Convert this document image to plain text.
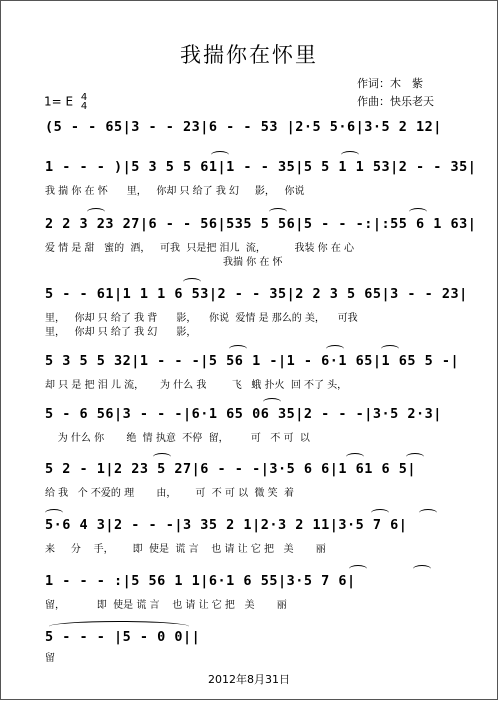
我揣你在怀里
作词：木　紫
作曲：快乐老天
1= E 4
4
(5 - - 65|3 - - 23|6 - - 53 |2·5 5·6|3·5 2 12|
1 - - - )|5 3 5 5 61|1 - - 35|5 5 1 1 53|2 - - 35|
我 揣 你 在 怀      里，   你却 只 给了 我 幻     影，   你说
2 2 3 23 27|6 - - 56|535 5 56|5 - - -:|:55 6 1 63|
爱 情 是 甜   蜜的  酒，   可我  只是把 泪儿  流，         我装 你 在 心
我揣 你 在 怀
5 - - 61|1 1 1 6 53|2 - - 35|2 2 3 5 65|3 - - 23|
里，   你却 只 给了 我 背      影，    你说  爱情 是 那么的 美，    可我
里，   你却 只 给了 我 幻      影，
5 3 5 5 32|1 - - -|5 56 1 -|1 - 6·1 65|1 65 5 -|
却 只 是 把 泪 儿 流，     为 什么 我        飞   蛾 扑火  回 不了 头，
5 - 6 56|3 - - -|6·1 65 06 35|2 - - -|3·5 2·3|
为 什么 你       绝  情 执意  不停  留，       可   不 可  以
5 2 - 1|2 23 5 27|6 - - -|3·5 6 6|1 61 6 5|
给 我   个 不爱的 理       由，      可  不 可 以  微 笑  着
5·6 4 3|2 - - -|3 35 2 1|2·3 2 11|3·5 7 6|
来     分    手，      即  使是  谎 言    也 请 让 它 把   美       丽
1 - - - :|5 56 1 1|6·1 6 55|3·5 7 6|
留，          即  使是 谎 言    也 请 让 它 把   美       丽
5 - - - |5 - 0 0||
留
2012年8月31日
